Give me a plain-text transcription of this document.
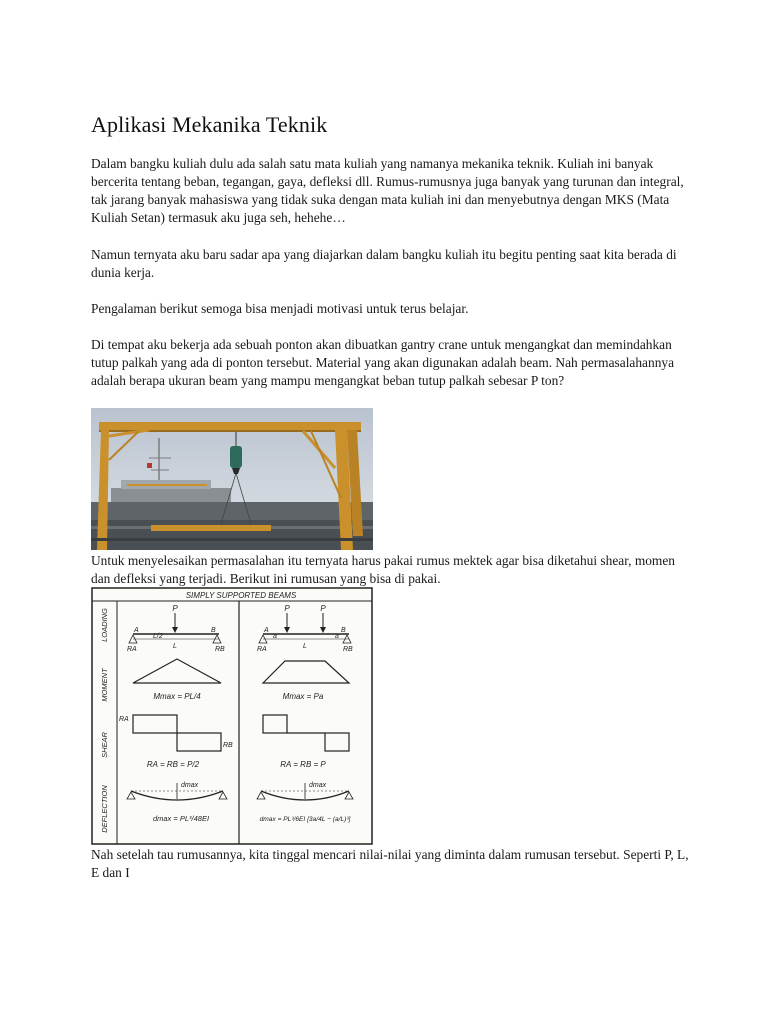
Aplikasi Mekanika Teknik

Dalam bangku kuliah dulu ada salah satu mata kuliah yang namanya mekanika teknik. Kuliah ini banyak bercerita tentang beban, tegangan, gaya, defleksi dll. Rumus-rumusnya juga banyak yang turunan dan integral, tak jarang banyak mahasiswa yang tidak suka dengan mata kuliah ini dan menyebutnya dengan MKS (Mata Kuliah Setan) termasuk aku juga seh, hehehe…

Namun ternyata aku baru sadar apa yang diajarkan dalam bangku kuliah itu begitu penting saat kita berada di dunia kerja.

Pengalaman berikut semoga bisa menjadi motivasi untuk terus belajar.

Di tempat aku bekerja ada sebuah ponton akan dibuatkan gantry crane untuk mengangkat dan memindahkan tutup palkah yang ada di ponton tersebut. Material yang akan digunakan adalah beam. Nah permasalahannya adalah berapa ukuran beam yang mampu mengangkat beban tutup palkah sebesar P ton?

Untuk menyelesaikan permasalahan itu ternyata harus pakai rumus mektek agar bisa diketahui shear, momen dan defleksi yang terjadi. Berikut ini rumusan yang bisa di pakai.

SIMPLY SUPPORTED BEAMS
LOADING
MOMENT
SHEAR
DEFLECTION
P
A	B
L/2
L
RA	RB
Mmax = PL/4
RA
RB
RA = RB = P/2
dmax
dmax = PL³/48EI
P	P
A	B
a	a
L
RA	RB
Mmax = Pa
RA = RB = P
dmax
dmax = PL³/6EI [3a/4L − (a/L)³]

Nah setelah tau rumusannya, kita tinggal mencari nilai-nilai yang diminta dalam rumusan tersebut. Seperti P, L, E dan I
